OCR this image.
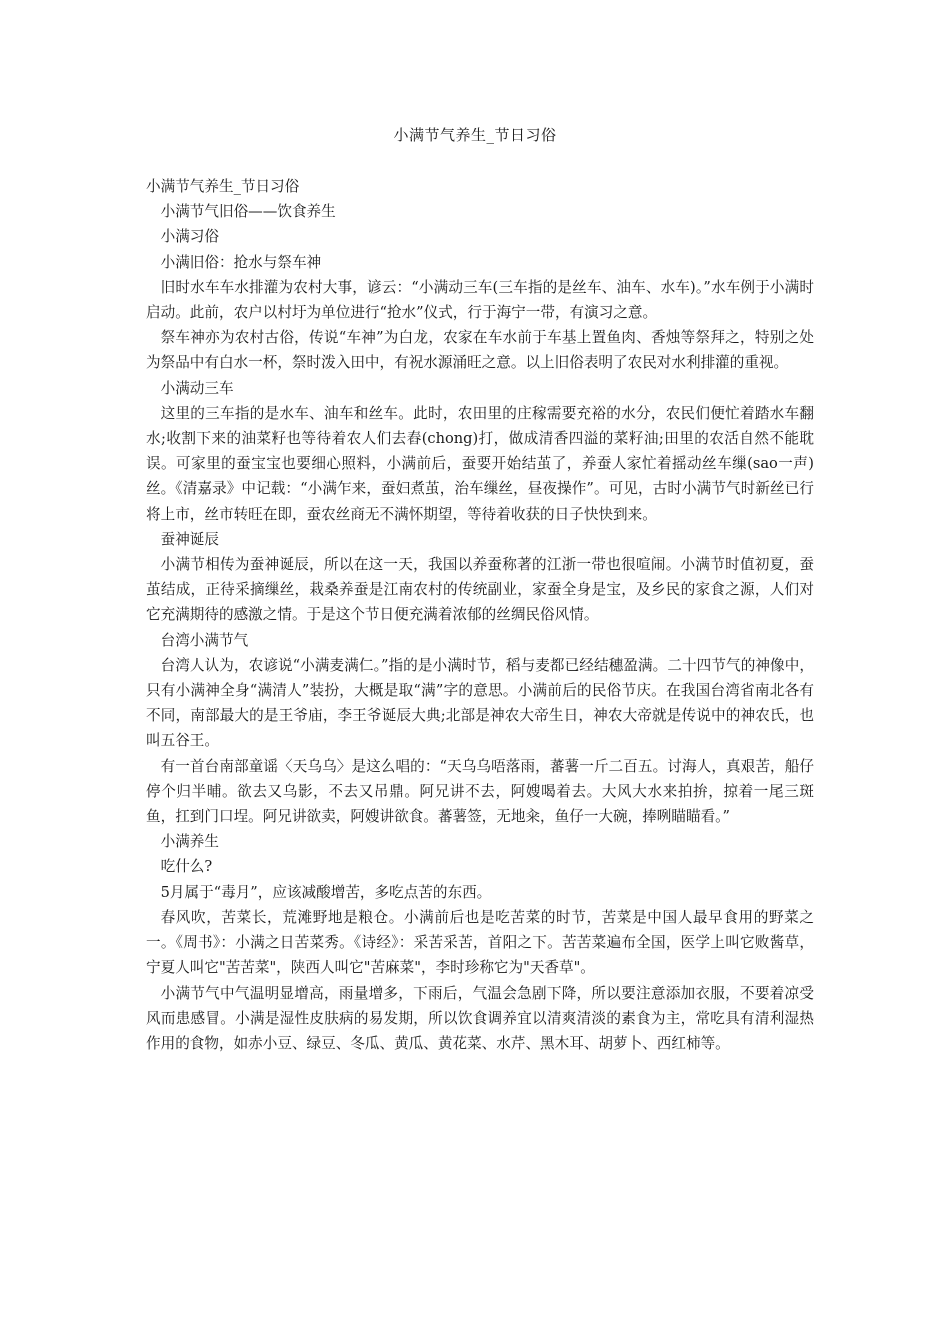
小满节气养生_节日习俗

小满节气养生_节日习俗

小满节气旧俗——饮食养生

小满习俗

小满旧俗：抢水与祭车神

旧时水车车水排灌为农村大事，谚云：“小满动三车(三车指的是丝车、油车、水车)。”水车例于小满时启动。此前，农户以村圩为单位进行“抢水”仪式，行于海宁一带，有演习之意。

祭车神亦为农村古俗，传说“车神”为白龙，农家在车水前于车基上置鱼肉、香烛等祭拜之，特别之处为祭品中有白水一杯，祭时泼入田中，有祝水源涌旺之意。以上旧俗表明了农民对水利排灌的重视。

小满动三车

这里的三车指的是水车、油车和丝车。此时，农田里的庄稼需要充裕的水分，农民们便忙着踏水车翻水;收割下来的油菜籽也等待着农人们去舂(chong)打，做成清香四溢的菜籽油;田里的农活自然不能耽误。可家里的蚕宝宝也要细心照料，小满前后，蚕要开始结茧了，养蚕人家忙着摇动丝车缫(sao一声)丝。《清嘉录》中记载：“小满乍来，蚕妇煮茧，治车缫丝，昼夜操作”。可见，古时小满节气时新丝已行将上市，丝市转旺在即，蚕农丝商无不满怀期望，等待着收获的日子快快到来。

蚕神诞辰

小满节相传为蚕神诞辰，所以在这一天，我国以养蚕称著的江浙一带也很喧闹。小满节时值初夏，蚕茧结成，正待采摘缫丝，栽桑养蚕是江南农村的传统副业，家蚕全身是宝，及乡民的家食之源，人们对它充满期待的感激之情。于是这个节日便充满着浓郁的丝绸民俗风情。

台湾小满节气

台湾人认为，农谚说“小满麦满仁。”指的是小满时节，稻与麦都已经结穗盈满。二十四节气的神像中，只有小满神全身“满清人”装扮，大概是取“满”字的意思。小满前后的民俗节庆。在我国台湾省南北各有不同，南部最大的是王爷庙，李王爷诞辰大典;北部是神农大帝生日，神农大帝就是传说中的神农氏，也叫五谷王。

有一首台南部童谣〈天乌乌〉是这么唱的：“天乌乌唔落雨，蕃薯一斤二百五。讨海人，真艰苦，船仔停个归半晡。欲去又乌影，不去又吊鼎。阿兄讲不去，阿嫂喝着去。大风大水来拍拚，掠着一尾三斑鱼，扛到门口埕。阿兄讲欲卖，阿嫂讲欲食。蕃薯签，无地籴，鱼仔一大碗，捧咧瞄瞄看。”

小满养生

吃什么?

5月属于“毒月”，应该减酸增苦，多吃点苦的东西。

春风吹，苦菜长，荒滩野地是粮仓。小满前后也是吃苦菜的时节，苦菜是中国人最早食用的野菜之一。《周书》：小满之日苦菜秀。《诗经》：采苦采苦，首阳之下。苦苦菜遍布全国，医学上叫它败酱草，宁夏人叫它"苦苦菜"，陕西人叫它"苦麻菜"，李时珍称它为"天香草"。

小满节气中气温明显增高，雨量增多，下雨后，气温会急剧下降，所以要注意添加衣服，不要着凉受风而患感冒。小满是湿性皮肤病的易发期，所以饮食调养宜以清爽清淡的素食为主，常吃具有清利湿热作用的食物，如赤小豆、绿豆、冬瓜、黄瓜、黄花菜、水芹、黑木耳、胡萝卜、西红柿等。
